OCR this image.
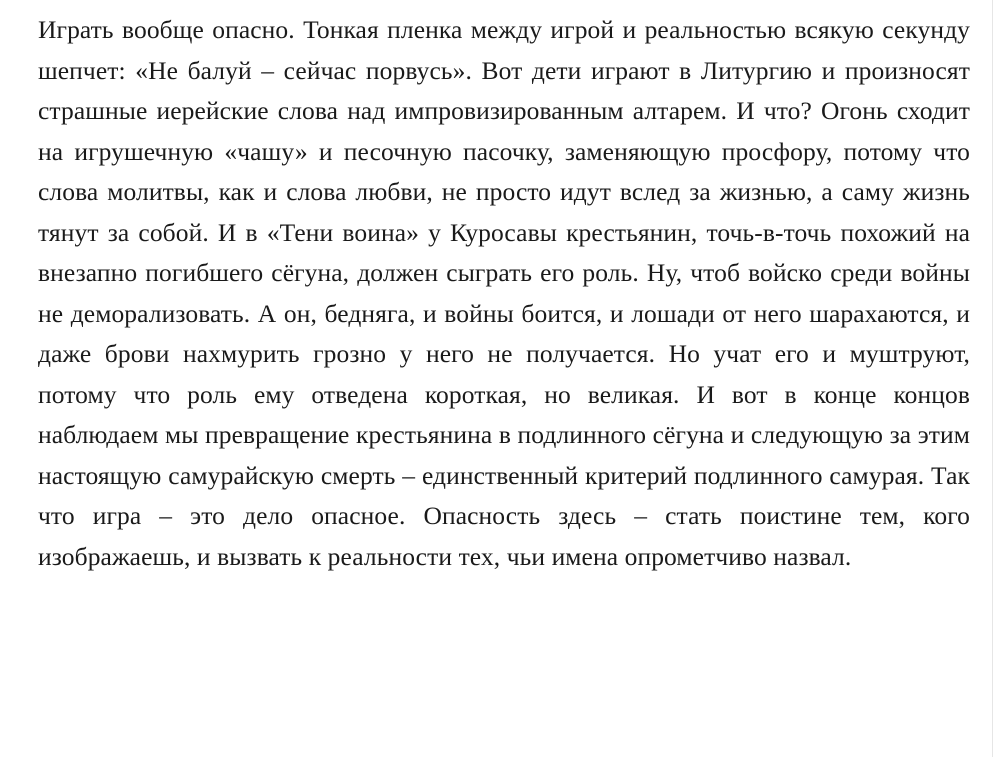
Играть вообще опасно. Тонкая пленка между игрой и реальностью всякую секунду шепчет: «Не балуй – сейчас порвусь». Вот дети играют в Литургию и произносят страшные иерейские слова над импровизированным алтарем. И что? Огонь сходит на игрушечную «чашу» и песочную пасочку, заменяющую просфору, потому что слова молитвы, как и слова любви, не просто идут вслед за жизнью, а саму жизнь тянут за собой. И в «Тени воина» у Куросавы крестьянин, точь-в-точь похожий на внезапно погибшего сёгуна, должен сыграть его роль. Ну, чтоб войско среди войны не деморализовать. А он, бедняга, и войны боится, и лошади от него шарахаются, и даже брови нахмурить грозно у него не получается. Но учат его и муштруют, потому что роль ему отведена короткая, но великая. И вот в конце концов наблюдаем мы превращение крестьянина в подлинного сёгуна и следующую за этим настоящую самурайскую смерть – единственный критерий подлинного самурая. Так что игра – это дело опасное. Опасность здесь – стать поистине тем, кого изображаешь, и вызвать к реальности тех, чьи имена опрометчиво назвал.
